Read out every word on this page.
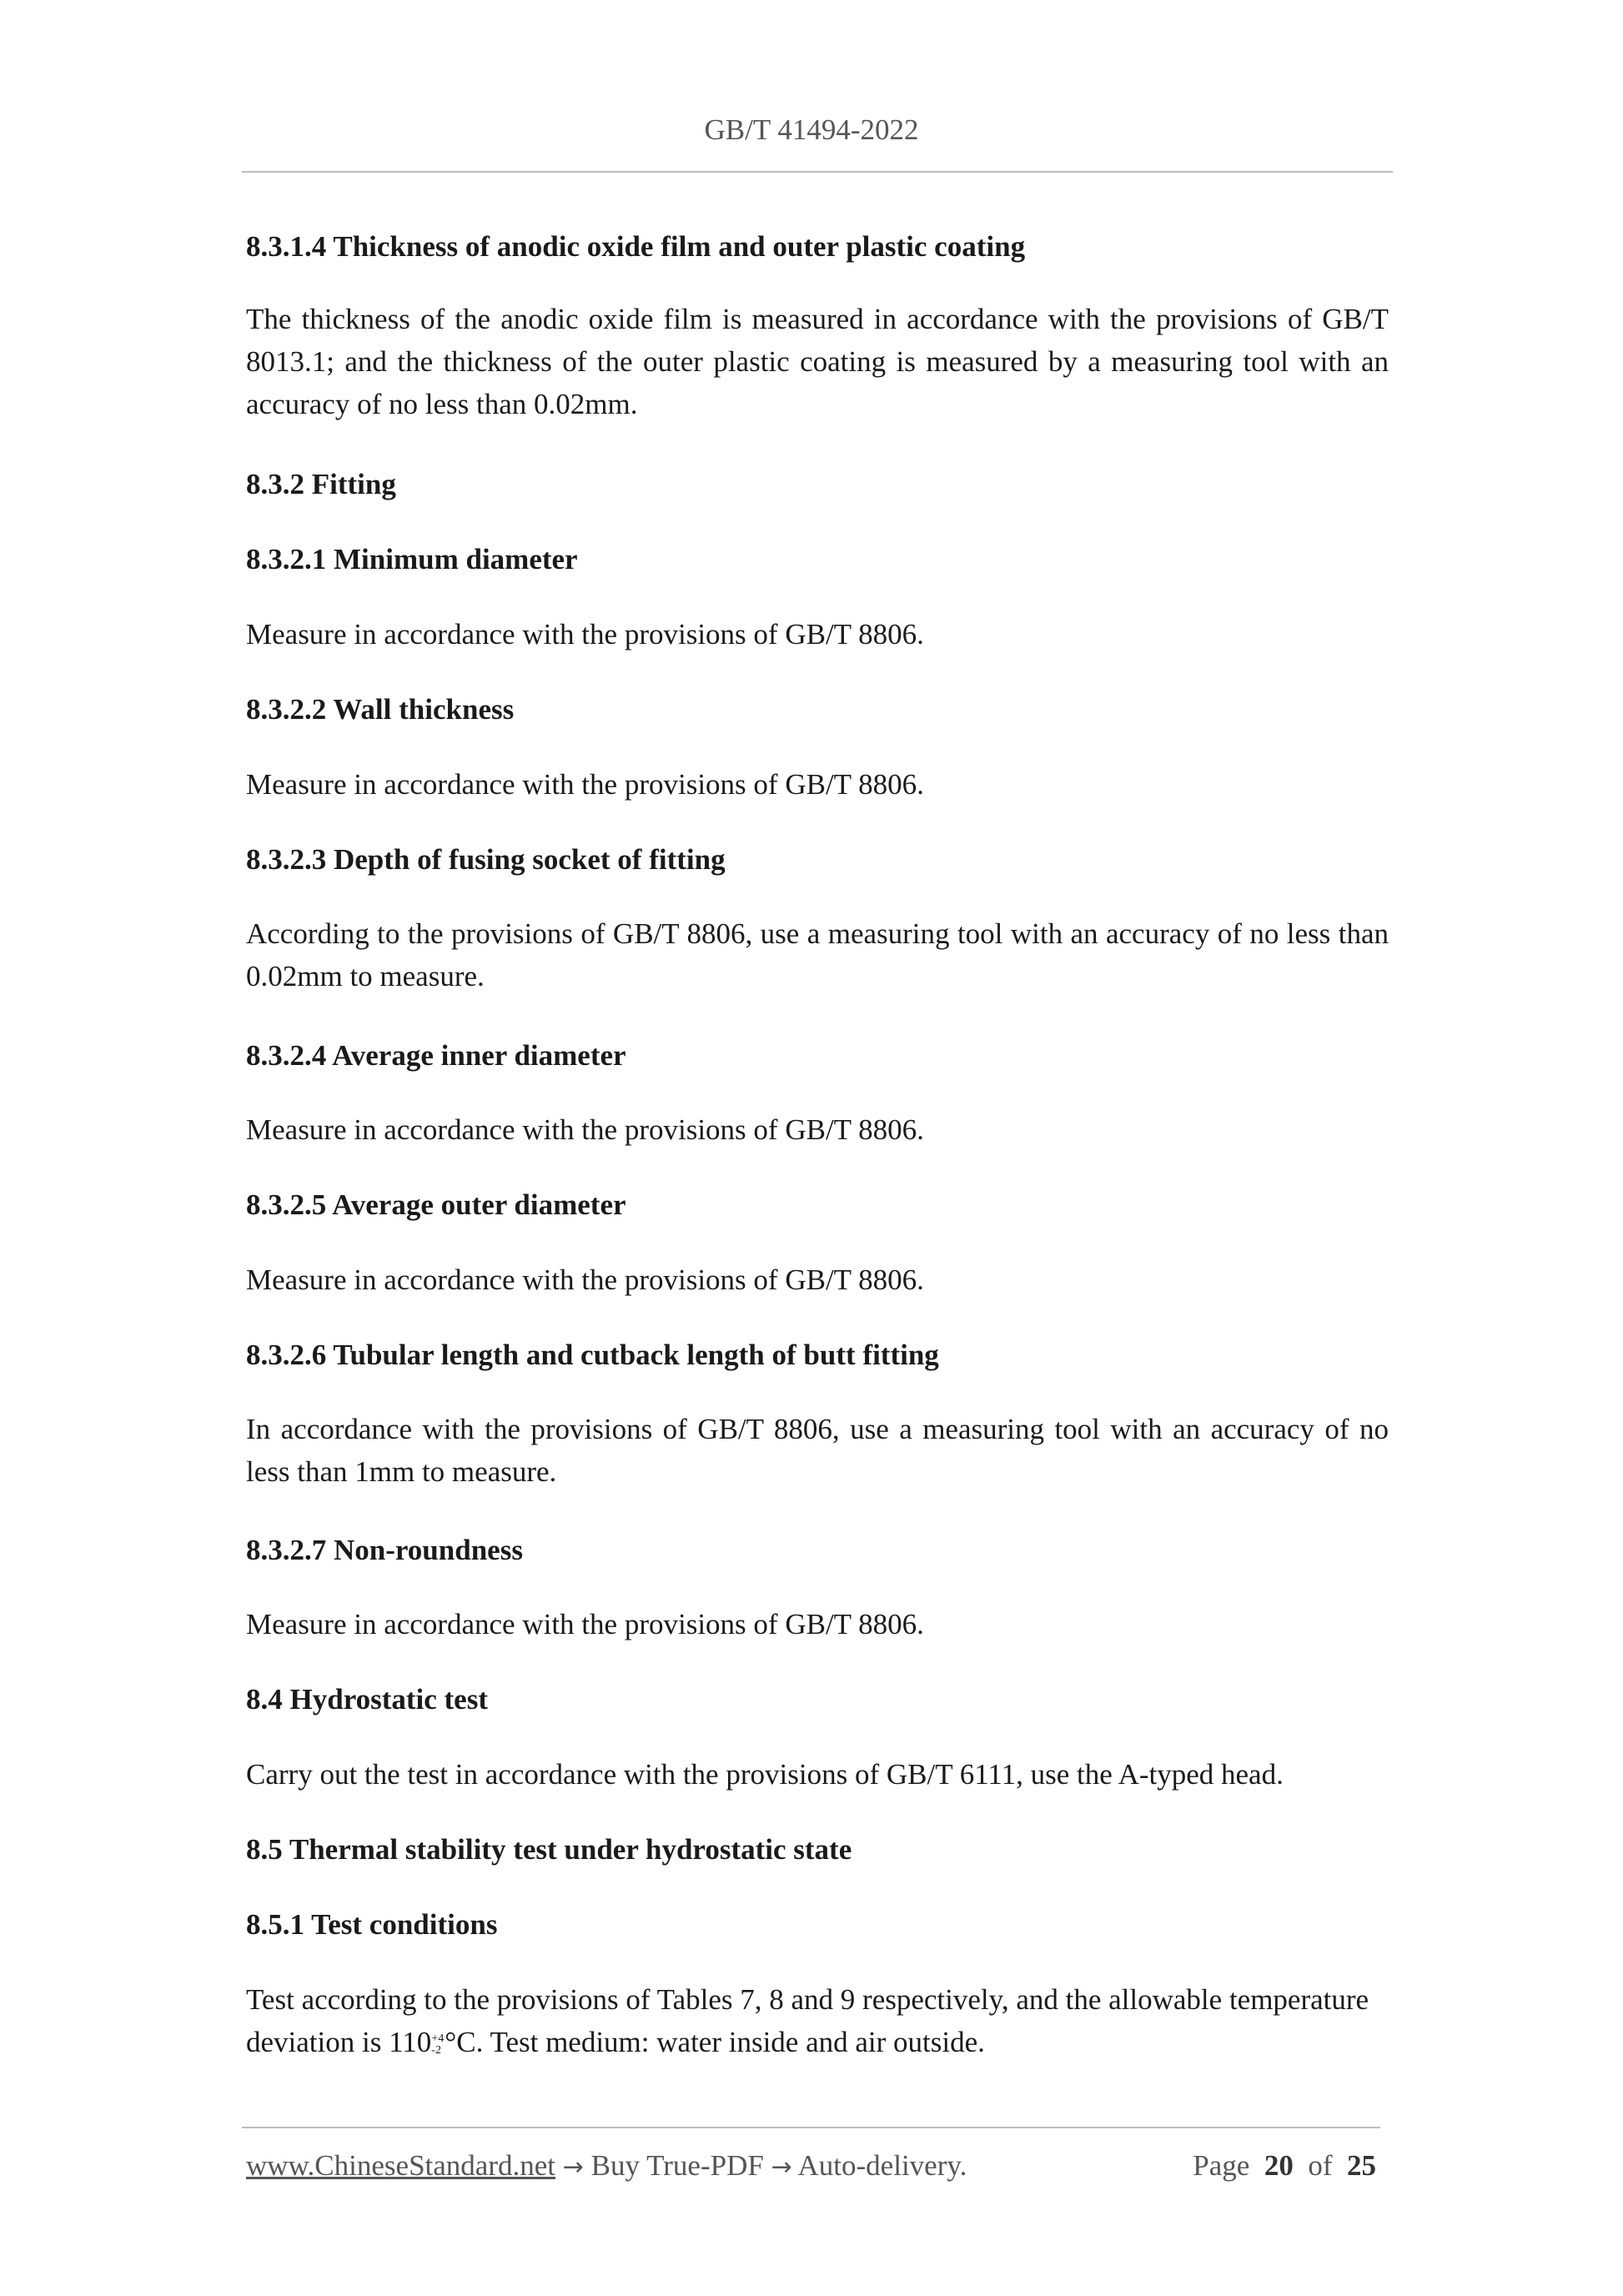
GB/T 41494-2022
8.3.1.4 Thickness of anodic oxide film and outer plastic coating
The thickness of the anodic oxide film is measured in accordance with the provisions of GB/T 8013.1; and the thickness of the outer plastic coating is measured by a measuring tool with an accuracy of no less than 0.02mm.
8.3.2 Fitting
8.3.2.1 Minimum diameter
Measure in accordance with the provisions of GB/T 8806.
8.3.2.2 Wall thickness
Measure in accordance with the provisions of GB/T 8806.
8.3.2.3 Depth of fusing socket of fitting
According to the provisions of GB/T 8806, use a measuring tool with an accuracy of no less than 0.02mm to measure.
8.3.2.4 Average inner diameter
Measure in accordance with the provisions of GB/T 8806.
8.3.2.5 Average outer diameter
Measure in accordance with the provisions of GB/T 8806.
8.3.2.6 Tubular length and cutback length of butt fitting
In accordance with the provisions of GB/T 8806, use a measuring tool with an accuracy of no less than 1mm to measure.
8.3.2.7 Non-roundness
Measure in accordance with the provisions of GB/T 8806.
8.4 Hydrostatic test
Carry out the test in accordance with the provisions of GB/T 6111, use the A-typed head.
8.5 Thermal stability test under hydrostatic state
8.5.1 Test conditions
Test according to the provisions of Tables 7, 8 and 9 respectively, and the allowable temperature
deviation is 110 +4
-2 °C. Test medium: water inside and air outside.
www.ChineseStandard.net → Buy True-PDF → Auto-delivery.	Page 20 of 25
